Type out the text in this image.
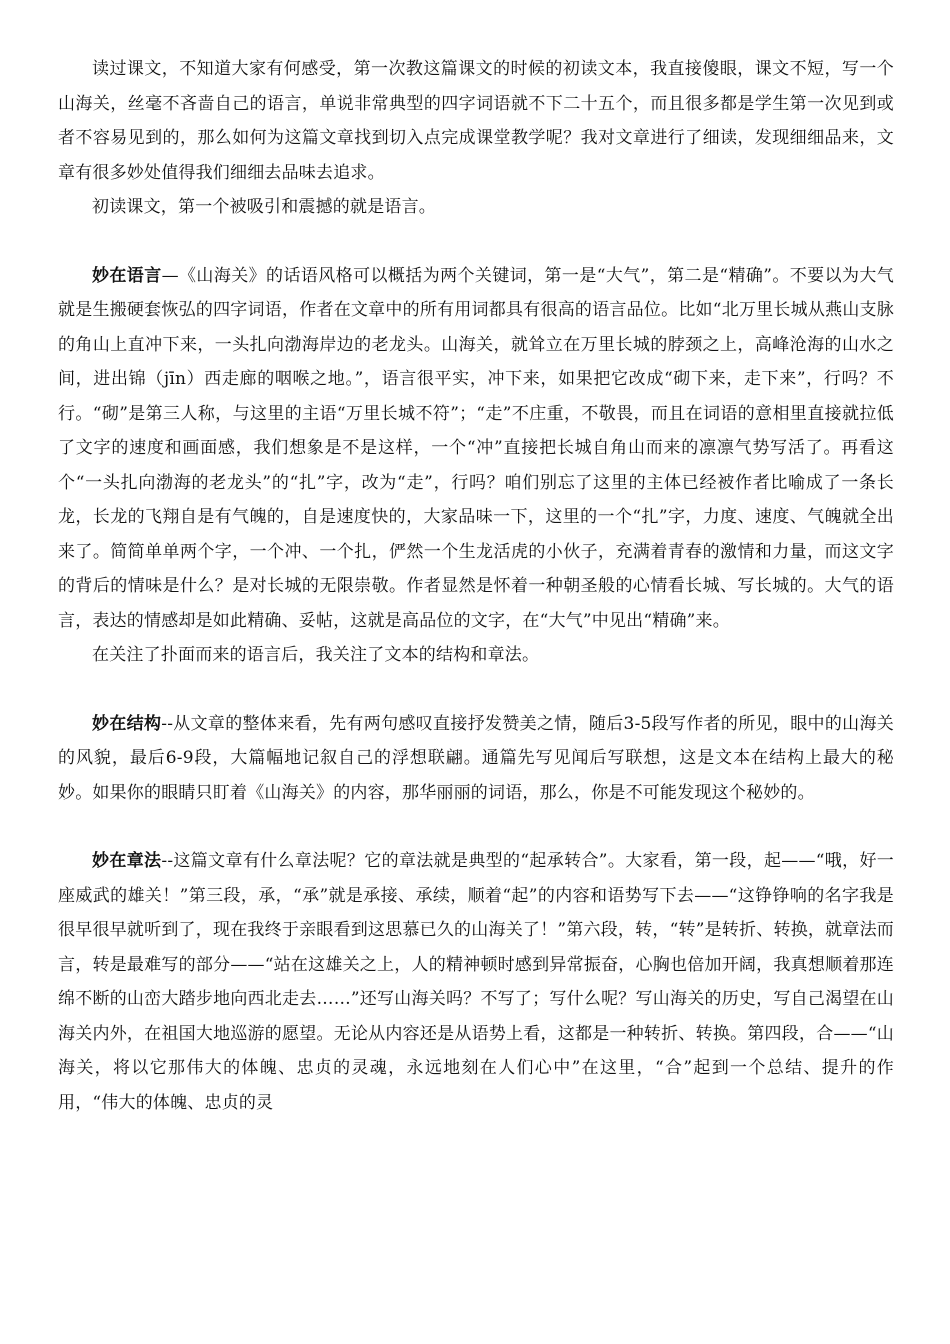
读过课文，不知道大家有何感受，第一次教这篇课文的时候的初读文本，我直接傻眼，课文不短，写一个山海关，丝毫不吝啬自己的语言，单说非常典型的四字词语就不下二十五个，而且很多都是学生第一次见到或者不容易见到的，那么如何为这篇文章找到切入点完成课堂教学呢？我对文章进行了细读，发现细细品来，文章有很多妙处值得我们细细去品味去追求。

初读课文，第一个被吸引和震撼的就是语言。

妙在语言—《山海关》的话语风格可以概括为两个关键词，第一是“大气”，第二是“精确”。不要以为大气就是生搬硬套恢弘的四字词语，作者在文章中的所有用词都具有很高的语言品位。比如“北万里长城从燕山支脉的角山上直冲下来，一头扎向渤海岸边的老龙头。山海关，就耸立在万里长城的脖颈之上，高峰沧海的山水之间，进出锦（jīn）西走廊的咽喉之地。”，语言很平实，冲下来，如果把它改成“砌下来，走下来”，行吗？不行。“砌”是第三人称，与这里的主语“万里长城不符”；“走”不庄重，不敬畏，而且在词语的意相里直接就拉低了文字的速度和画面感，我们想象是不是这样，一个“冲”直接把长城自角山而来的凛凛气势写活了。再看这个“一头扎向渤海的老龙头”的“扎”字，改为“走”，行吗？咱们别忘了这里的主体已经被作者比喻成了一条长龙，长龙的飞翔自是有气魄的，自是速度快的，大家品味一下，这里的一个“扎”字，力度、速度、气魄就全出来了。简简单单两个字，一个冲、一个扎，俨然一个生龙活虎的小伙子，充满着青春的激情和力量，而这文字的背后的情味是什么？是对长城的无限崇敬。作者显然是怀着一种朝圣般的心情看长城、写长城的。大气的语言，表达的情感却是如此精确、妥帖，这就是高品位的文字，在“大气”中见出“精确”来。

在关注了扑面而来的语言后，我关注了文本的结构和章法。

妙在结构--从文章的整体来看，先有两句感叹直接抒发赞美之情，随后3-5段写作者的所见，眼中的山海关的风貌，最后6-9段，大篇幅地记叙自己的浮想联翩。通篇先写见闻后写联想，这是文本在结构上最大的秘妙。如果你的眼睛只盯着《山海关》的内容，那华丽丽的词语，那么，你是不可能发现这个秘妙的。

妙在章法--这篇文章有什么章法呢？它的章法就是典型的“起承转合”。大家看，第一段，起——“哦，好一座威武的雄关！”第三段，承，“承”就是承接、承续，顺着“起”的内容和语势写下去——“这铮铮响的名字我是很早很早就听到了，现在我终于亲眼看到这思慕已久的山海关了！”第六段，转，“转”是转折、转换，就章法而言，转是最难写的部分——“站在这雄关之上，人的精神顿时感到异常振奋，心胸也倍加开阔，我真想顺着那连绵不断的山峦大踏步地向西北走去……”还写山海关吗？不写了；写什么呢？写山海关的历史，写自己渴望在山海关内外，在祖国大地巡游的愿望。无论从内容还是从语势上看，这都是一种转折、转换。第四段，合——“山海关，将以它那伟大的体魄、忠贞的灵魂，永远地刻在人们心中”在这里，“合”起到一个总结、提升的作用，“伟大的体魄、忠贞的灵
